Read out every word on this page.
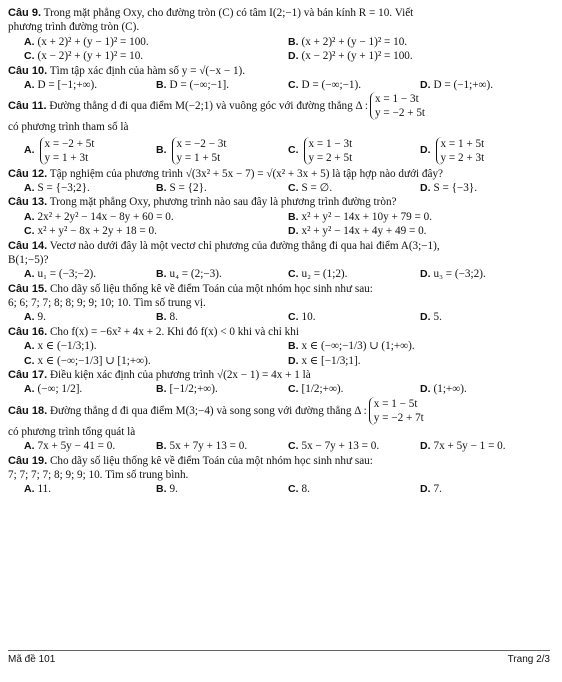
Câu 9. Trong mặt phẳng Oxy, cho đường tròn (C) có tâm I(2;−1) và bán kính R = 10. Viết
phương trình đường tròn (C).
A. (x + 2)² + (y − 1)² = 100.	B. (x + 2)² + (y − 1)² = 10.
C. (x − 2)² + (y + 1)² = 10.	D. (x − 2)² + (y + 1)² = 100.
Câu 10. Tìm tập xác định của hàm số y = √(−x − 1).
A. D = [−1;+∞).	B. D = (−∞;−1].	C. D = (−∞;−1).	D. D = (−1;+∞).
Câu 11. Đường thẳng d đi qua điểm M(−2;1) và vuông góc với đường thẳng Δ :
x = 1 − 3t
y = −2 + 5t
có phương trình tham số là
A.
x = −2 + 5t
y = 1 + 3t
B.
x = −2 − 3t
y = 1 + 5t
C.
x = 1 − 3t
y = 2 + 5t
D.
x = 1 + 5t
y = 2 + 3t
Câu 12. Tập nghiệm của phương trình √(3x² + 5x − 7) = √(x² + 3x + 5) là tập hợp nào dưới đây?
A. S = {−3;2}.	B. S = {2}.	C. S = ∅.	D. S = {−3}.
Câu 13. Trong mặt phẳng Oxy, phương trình nào sau đây là phương trình đường tròn?
A. 2x² + 2y² − 14x − 8y + 60 = 0.	B. x² + y² − 14x + 10y + 79 = 0.
C. x² + y² − 8x + 2y + 18 = 0.	D. x² + y² − 14x + 4y + 49 = 0.
Câu 14. Vectơ nào dưới đây là một vectơ chỉ phương của đường thẳng đi qua hai điểm A(3;−1),
B(1;−5)?
A. u₁ = (−3;−2).	B. u₄ = (2;−3).	C. u₂ = (1;2).	D. u₃ = (−3;2).
Câu 15. Cho dãy số liệu thống kê về điểm Toán của một nhóm học sinh như sau:
6; 6; 7; 7; 8; 8; 9; 9; 10; 10. Tìm số trung vị.
A. 9.	B. 8.	C. 10.	D. 5.
Câu 16. Cho f(x) = −6x² + 4x + 2. Khi đó f(x) < 0 khi và chỉ khi
A. x ∈ (−1/3;1).	B. x ∈ (−∞;−1/3) ∪ (1;+∞).
C. x ∈ (−∞;−1/3] ∪ [1;+∞).	D. x ∈ [−1/3;1].
Câu 17. Điều kiện xác định của phương trình √(2x − 1) = 4x + 1 là
A. (−∞; 1/2].	B. [−1/2;+∞).	C. [1/2;+∞).	D. (1;+∞).
Câu 18. Đường thẳng d đi qua điểm M(3;−4) và song song với đường thẳng Δ :
x = 1 − 5t
y = −2 + 7t
có phương trình tổng quát là
A. 7x + 5y − 41 = 0.	B. 5x + 7y + 13 = 0.	C. 5x − 7y + 13 = 0.	D. 7x + 5y − 1 = 0.
Câu 19. Cho dãy số liệu thống kê về điểm Toán của một nhóm học sinh như sau:
7; 7; 7; 7; 8; 9; 9; 10. Tìm số trung bình.
A. 11.	B. 9.	C. 8.	D. 7.
Mã đề 101	Trang 2/3
